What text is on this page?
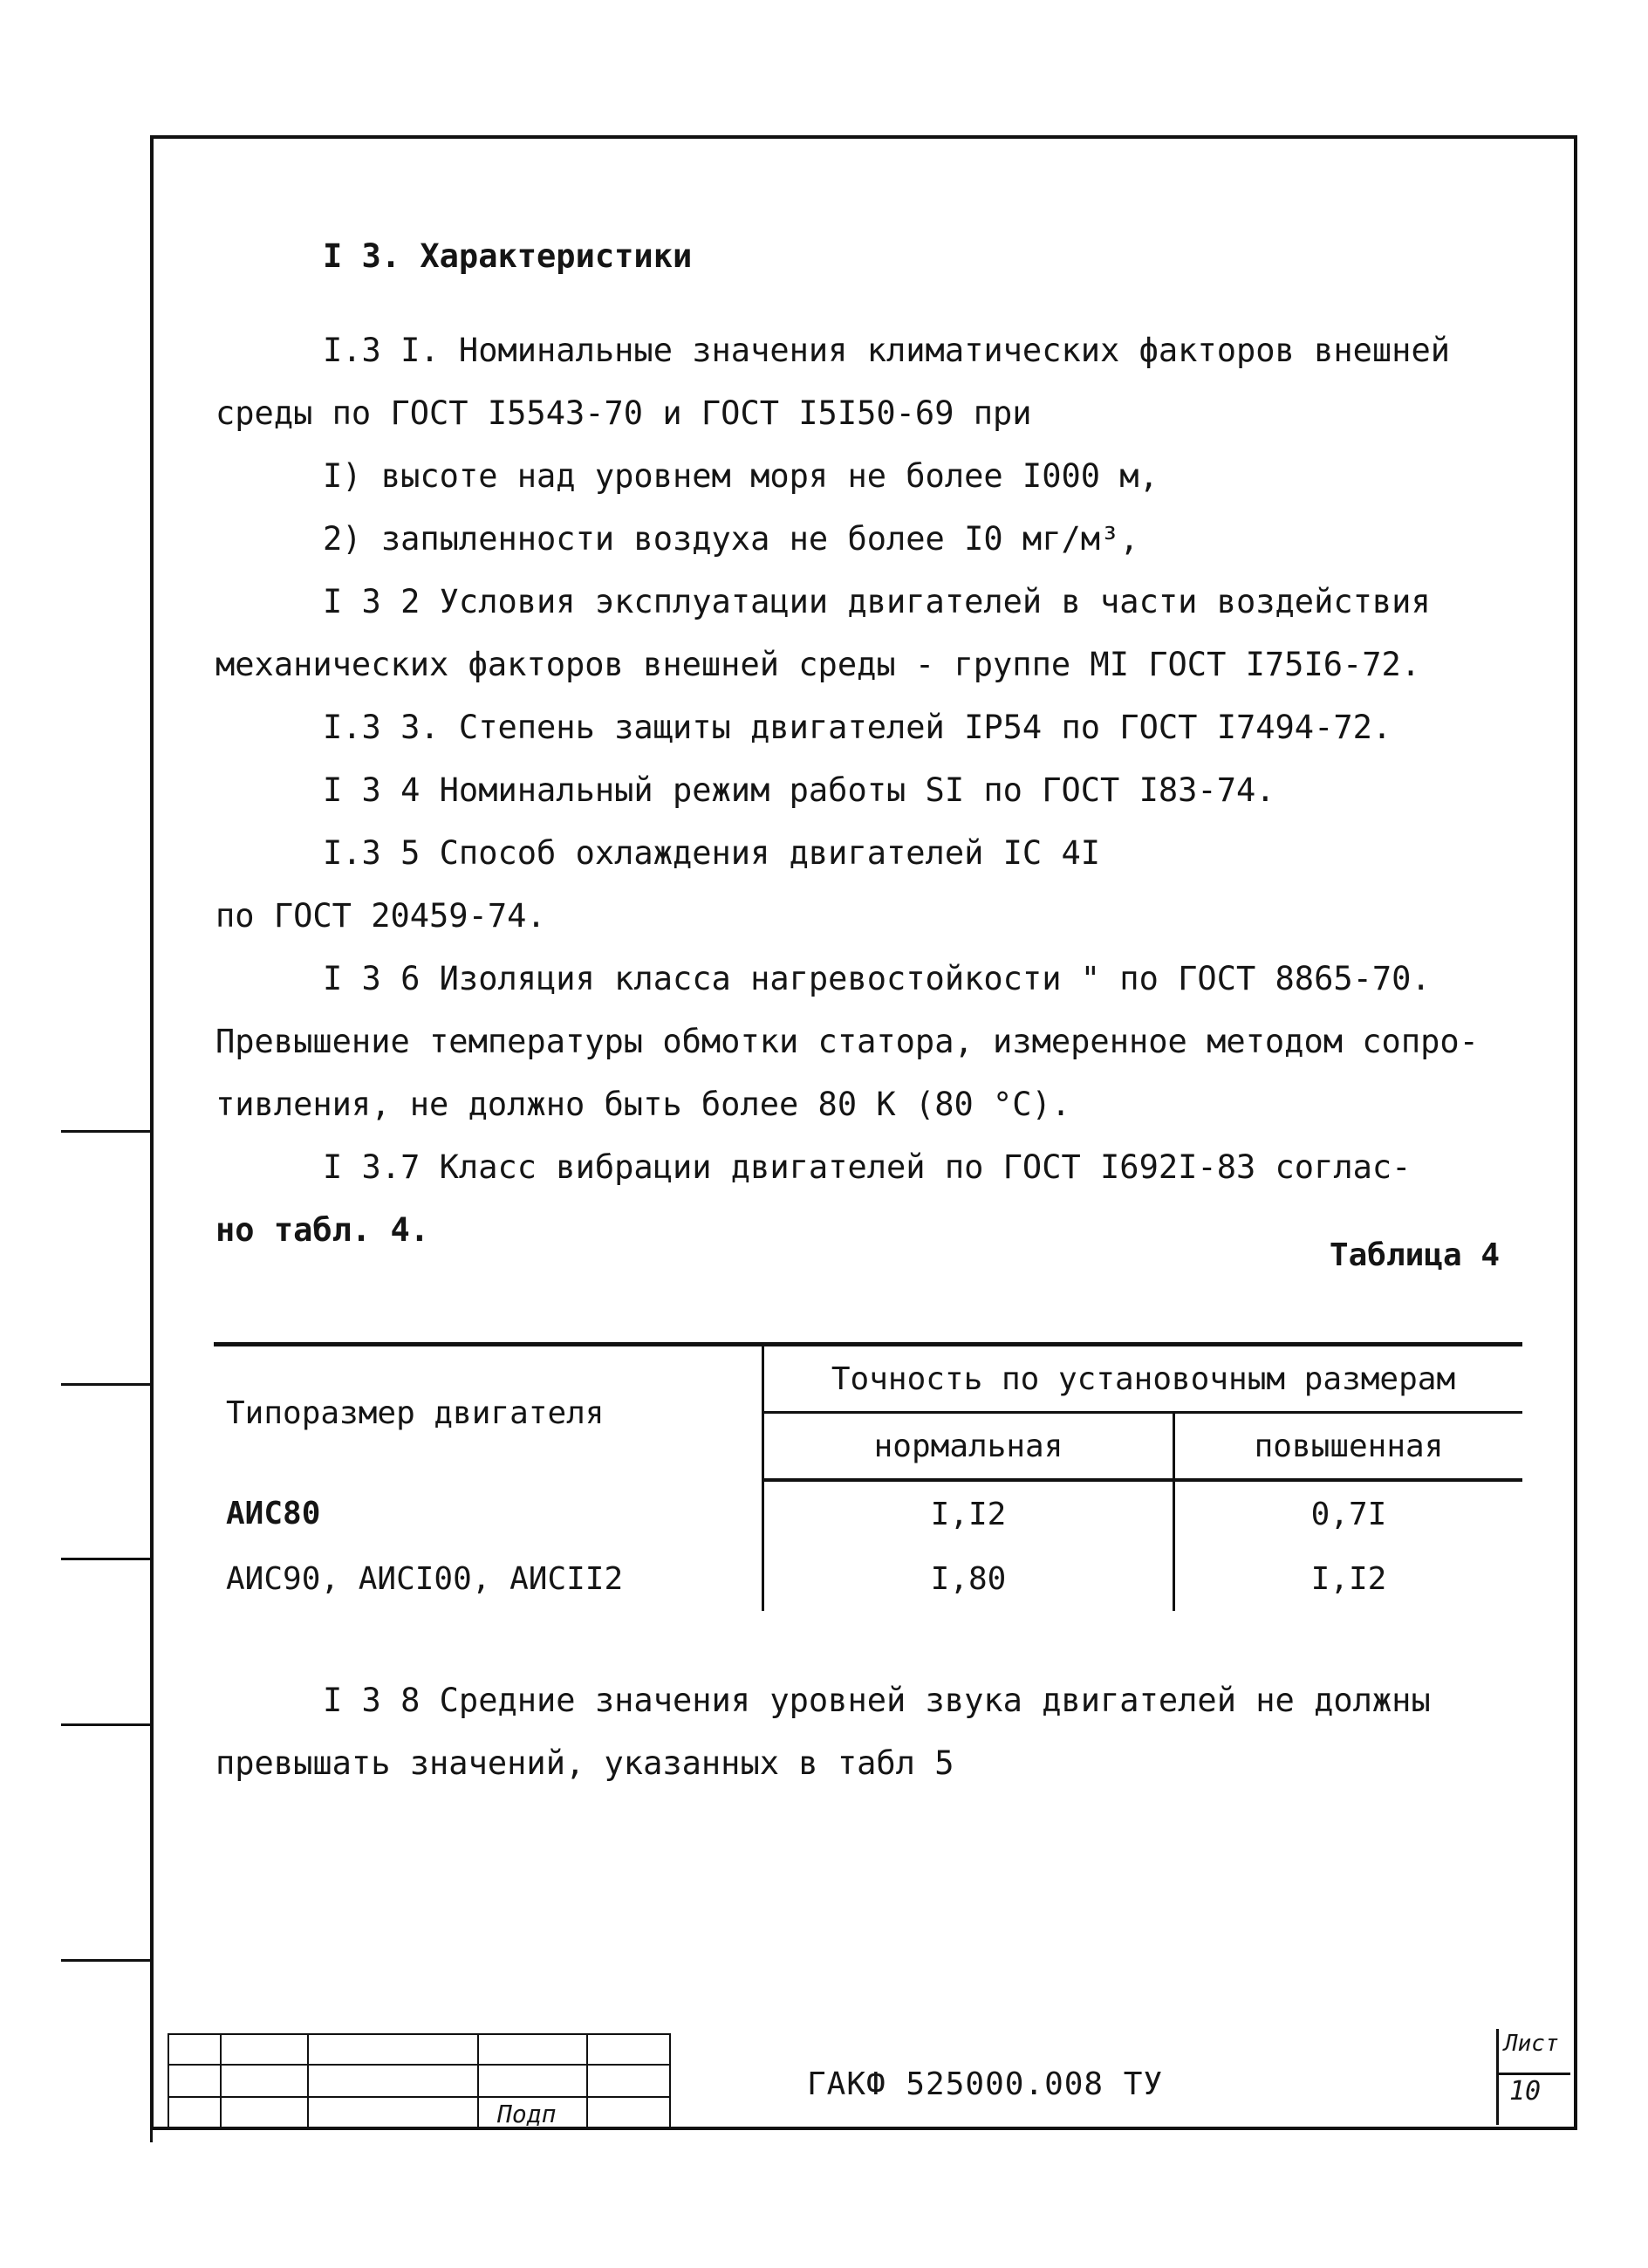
I 3. Характеристики
I.3 I. Номинальные значения климатических факторов внешней
среды по ГОСТ I5543-70 и ГОСТ I5I50-69 при
I) высоте над уровнем моря не более I000 м,
2) запыленности воздуха не более I0 мг/м³,
I 3 2 Условия эксплуатации двигателей в части воздействия
механических факторов внешней среды - группе МI ГОСТ I75I6-72.
I.3 3. Степень защиты двигателей IP54 по ГОСТ I7494-72.
I 3 4 Номинальный режим работы SI по ГОСТ I83-74.
I.3 5 Способ охлаждения двигателей IC 4I
по ГОСТ 20459-74.
I 3 6 Изоляция класса нагревостойкости " по ГОСТ 8865-70.
Превышение температуры обмотки статора, измеренное методом сопро-
тивления, не должно быть более 80 К (80 °С).
I 3.7 Класс вибрации двигателей по ГОСТ I692I-83 соглас-
но табл. 4.
Таблица 4
Типоразмер двигателя	Точность по установочным размерам	
	нормальная	повышенная
АИС80	I,I2	0,7I
АИС90, АИСI00, АИСII2	I,80	I,I2
I 3 8 Средние значения уровней звука двигателей не должны
превышать значений, указанных в табл 5
Подп
ГАКФ 525000.008 ТУ
Лист
10
